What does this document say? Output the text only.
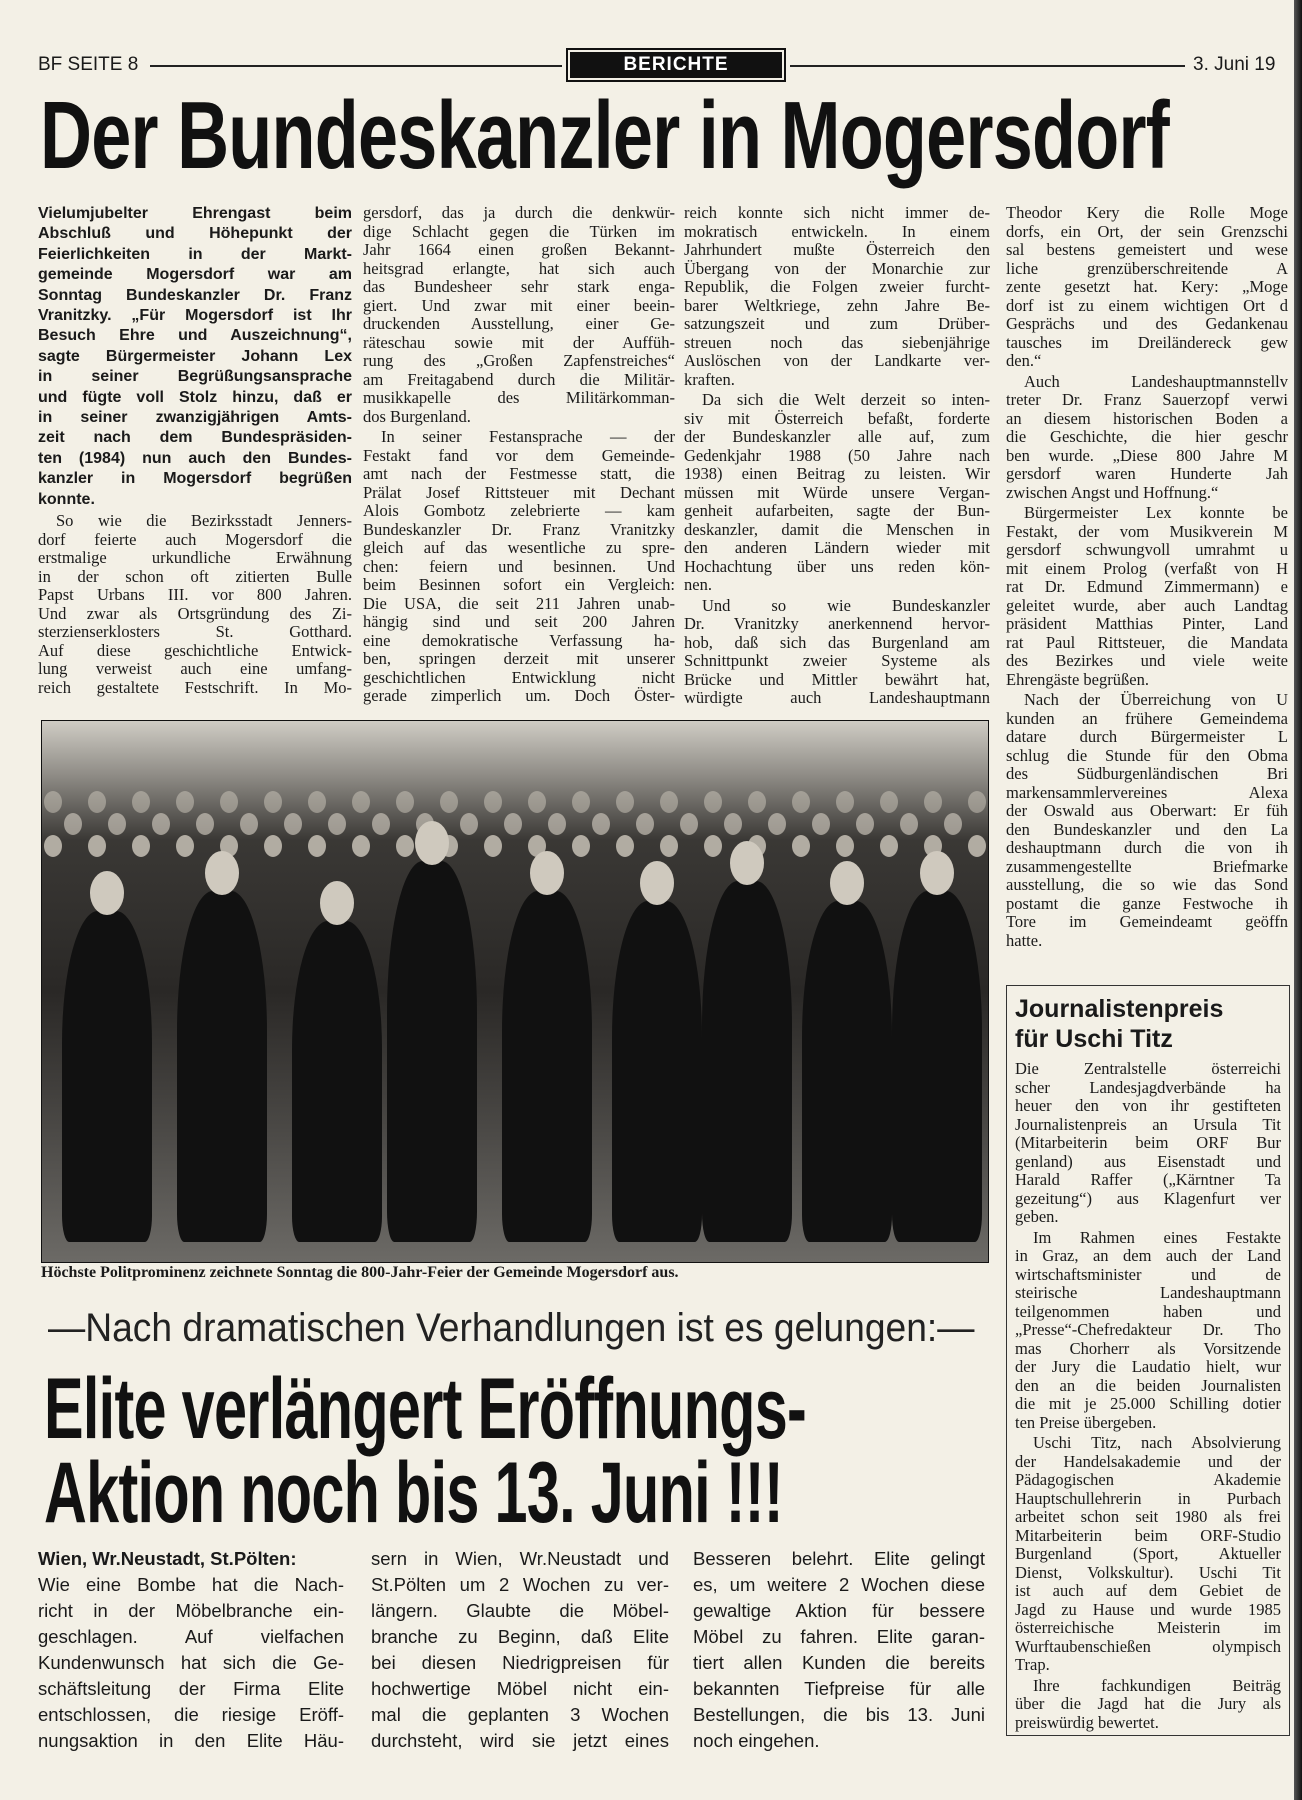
BF SEITE 8	BERICHTE	3. Juni 19
Der Bundeskanzler in Mogersdorf
Vielumjubelter Ehrengast beim
Abschluß und Höhepunkt der
Feierlichkeiten in der Markt-
gemeinde Mogersdorf war am
Sonntag Bundeskanzler Dr. Franz
Vranitzky. „Für Mogersdorf ist Ihr
Besuch Ehre und Auszeichnung“,
sagte Bürgermeister Johann Lex
in seiner Begrüßungsansprache
und fügte voll Stolz hinzu, daß er
in seiner zwanzigjährigen Amts-
zeit nach dem Bundespräsiden-
ten (1984) nun auch den Bundes-
kanzler in Mogersdorf begrüßen
konnte.
So wie die Bezirksstadt Jenners-
dorf feierte auch Mogersdorf die
erstmalige urkundliche Erwähnung
in der schon oft zitierten Bulle
Papst Urbans III. vor 800 Jahren.
Und zwar als Ortsgründung des Zi-
sterzienserklosters St. Gotthard.
Auf diese geschichtliche Entwick-
lung verweist auch eine umfang-
reich gestaltete Festschrift. In Mo-
gersdorf, das ja durch die denkwür-
dige Schlacht gegen die Türken im
Jahr 1664 einen großen Bekannt-
heitsgrad erlangte, hat sich auch
das Bundesheer sehr stark enga-
giert. Und zwar mit einer beein-
druckenden Ausstellung, einer Ge-
räteschau sowie mit der Auffüh-
rung des „Großen Zapfenstreiches“
am Freitagabend durch die Militär-
musikkapelle des Militärkomman-
dos Burgenland.
In seiner Festansprache — der
Festakt fand vor dem Gemeinde-
amt nach der Festmesse statt, die
Prälat Josef Rittsteuer mit Dechant
Alois Gombotz zelebrierte — kam
Bundeskanzler Dr. Franz Vranitzky
gleich auf das wesentliche zu spre-
chen: feiern und besinnen. Und
beim Besinnen sofort ein Vergleich:
Die USA, die seit 211 Jahren unab-
hängig sind und seit 200 Jahren
eine demokratische Verfassung ha-
ben, springen derzeit mit unserer
geschichtlichen Entwicklung nicht
gerade zimperlich um. Doch Öster-
reich konnte sich nicht immer de-
mokratisch entwickeln. In einem
Jahrhundert mußte Österreich den
Übergang von der Monarchie zur
Republik, die Folgen zweier furcht-
barer Weltkriege, zehn Jahre Be-
satzungszeit und zum Drüber-
streuen noch das siebenjährige
Auslöschen von der Landkarte ver-
kraften.
Da sich die Welt derzeit so inten-
siv mit Österreich befaßt, forderte
der Bundeskanzler alle auf, zum
Gedenkjahr 1988 (50 Jahre nach
1938) einen Beitrag zu leisten. Wir
müssen mit Würde unsere Vergan-
genheit aufarbeiten, sagte der Bun-
deskanzler, damit die Menschen in
den anderen Ländern wieder mit
Hochachtung über uns reden kön-
nen.
Und so wie Bundeskanzler
Dr. Vranitzky anerkennend hervor-
hob, daß sich das Burgenland am
Schnittpunkt zweier Systeme als
Brücke und Mittler bewährt hat,
würdigte auch Landeshauptmann
Theodor Kery die Rolle Moge
dorfs, ein Ort, der sein Grenzschi
sal bestens gemeistert und wese
liche grenzüberschreitende A
zente gesetzt hat. Kery: „Moge
dorf ist zu einem wichtigen Ort d
Gesprächs und des Gedankenau
tausches im Dreiländereck gew
den.“
Auch Landeshauptmannstellv
treter Dr. Franz Sauerzopf verwi
an diesem historischen Boden a
die Geschichte, die hier geschr
ben wurde. „Diese 800 Jahre M
gersdorf waren Hunderte Jah
zwischen Angst und Hoffnung.“
Bürgermeister Lex konnte be
Festakt, der vom Musikverein M
gersdorf schwungvoll umrahmt u
mit einem Prolog (verfaßt von H
rat Dr. Edmund Zimmermann) e
geleitet wurde, aber auch Landtag
präsident Matthias Pinter, Land
rat Paul Rittsteuer, die Mandata
des Bezirkes und viele weite
Ehrengäste begrüßen.
Nach der Überreichung von U
kunden an frühere Gemeindema
datare durch Bürgermeister L
schlug die Stunde für den Obma
des Südburgenländischen Bri
markensammlervereines Alexa
der Oswald aus Oberwart: Er füh
den Bundeskanzler und den La
deshauptmann durch die von ih
zusammengestellte Briefmarke
ausstellung, die so wie das Sond
postamt die ganze Festwoche ih
Tore im Gemeindeamt geöffn
hatte.
Höchste Politprominenz zeichnete Sonntag die 800-Jahr-Feier der Gemeinde Mogersdorf aus.
—Nach dramatischen Verhandlungen ist es gelungen:—
Elite verlängert Eröffnungs-
Aktion noch bis 13. Juni !!!
Wien, Wr.Neustadt, St.Pölten:
Wie eine Bombe hat die Nach-
richt in der Möbelbranche ein-
geschlagen. Auf vielfachen
Kundenwunsch hat sich die Ge-
schäftsleitung der Firma Elite
entschlossen, die riesige Eröff-
nungsaktion in den Elite Häu-
sern in Wien, Wr.Neustadt und
St.Pölten um 2 Wochen zu ver-
längern. Glaubte die Möbel-
branche zu Beginn, daß Elite
bei diesen Niedrigpreisen für
hochwertige Möbel nicht ein-
mal die geplanten 3 Wochen
durchsteht, wird sie jetzt eines
Besseren belehrt. Elite gelingt
es, um weitere 2 Wochen diese
gewaltige Aktion für bessere
Möbel zu fahren. Elite garan-
tiert allen Kunden die bereits
bekannten Tiefpreise für alle
Bestellungen, die bis 13. Juni
noch eingehen.
Journalistenpreis
für Uschi Titz
Die Zentralstelle österreichi
scher Landesjagdverbände ha
heuer den von ihr gestifteten
Journalistenpreis an Ursula Tit
(Mitarbeiterin beim ORF Bur
genland) aus Eisenstadt und
Harald Raffer („Kärntner Ta
gezeitung“) aus Klagenfurt ver
geben.
Im Rahmen eines Festakte
in Graz, an dem auch der Land
wirtschaftsminister und de
steirische Landeshauptmann
teilgenommen haben und
„Presse“-Chefredakteur Dr. Tho
mas Chorherr als Vorsitzende
der Jury die Laudatio hielt, wur
den an die beiden Journalisten
die mit je 25.000 Schilling dotier
ten Preise übergeben.
Uschi Titz, nach Absolvierung
der Handelsakademie und der
Pädagogischen Akademie
Hauptschullehrerin in Purbach
arbeitet schon seit 1980 als frei
Mitarbeiterin beim ORF-Studio
Burgenland (Sport, Aktueller
Dienst, Volkskultur). Uschi Tit
ist auch auf dem Gebiet de
Jagd zu Hause und wurde 1985
österreichische Meisterin im
Wurftaubenschießen olympisch
Trap.
Ihre fachkundigen Beiträg
über die Jagd hat die Jury als
preiswürdig bewertet.
